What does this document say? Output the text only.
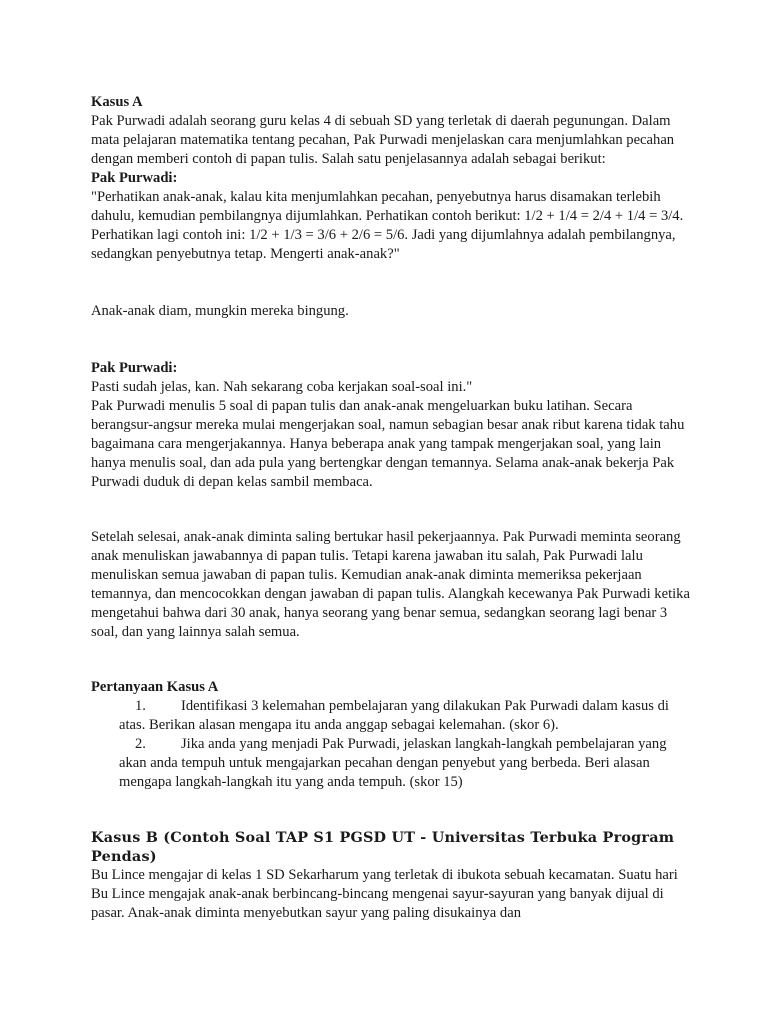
Kasus A

Pak Purwadi adalah seorang guru kelas 4 di sebuah SD yang terletak di daerah pegunungan. Dalam mata pelajaran matematika tentang pecahan, Pak Purwadi menjelaskan cara menjumlahkan pecahan dengan memberi contoh di papan tulis. Salah satu penjelasannya adalah sebagai berikut:

Pak Purwadi:

"Perhatikan anak-anak, kalau kita menjumlahkan pecahan, penyebutnya harus disamakan terlebih dahulu, kemudian pembilangnya dijumlahkan. Perhatikan contoh berikut: 1/2 + 1/4 = 2/4 + 1/4 = 3/4. Perhatikan lagi contoh ini: 1/2 + 1/3 = 3/6 + 2/6 = 5/6. Jadi yang dijumlahnya adalah pembilangnya, sedangkan penyebutnya tetap. Mengerti anak-anak?"

Anak-anak diam, mungkin mereka bingung.

Pak Purwadi:

Pasti sudah jelas, kan. Nah sekarang coba kerjakan soal-soal ini."

Pak Purwadi menulis 5 soal di papan tulis dan anak-anak mengeluarkan buku latihan. Secara berangsur-angsur mereka mulai mengerjakan soal, namun sebagian besar anak ribut karena tidak tahu bagaimana cara mengerjakannya. Hanya beberapa anak yang tampak mengerjakan soal, yang lain hanya menulis soal, dan ada pula yang bertengkar dengan temannya. Selama anak-anak bekerja Pak Purwadi duduk di depan kelas sambil membaca.

Setelah selesai, anak-anak diminta saling bertukar hasil pekerjaannya. Pak Purwadi meminta seorang anak menuliskan jawabannya di papan tulis. Tetapi karena jawaban itu salah, Pak Purwadi lalu menuliskan semua jawaban di papan tulis. Kemudian anak-anak diminta memeriksa pekerjaan temannya, dan mencocokkan dengan jawaban di papan tulis. Alangkah kecewanya Pak Purwadi ketika mengetahui bahwa dari 30 anak, hanya seorang yang benar semua, sedangkan seorang lagi benar 3 soal, dan yang lainnya salah semua.

Pertanyaan Kasus A

1.	Identifikasi 3 kelemahan pembelajaran yang dilakukan Pak Purwadi dalam kasus di atas. Berikan alasan mengapa itu anda anggap sebagai kelemahan. (skor 6).
2.	Jika anda yang menjadi Pak Purwadi, jelaskan langkah-langkah pembelajaran yang akan anda tempuh untuk mengajarkan pecahan dengan penyebut yang berbeda. Beri alasan mengapa langkah-langkah itu yang anda tempuh. (skor 15)

Kasus B (Contoh Soal TAP S1 PGSD UT - Universitas Terbuka Program Pendas)

Bu Lince mengajar di kelas 1 SD Sekarharum yang terletak di ibukota sebuah kecamatan. Suatu hari Bu Lince mengajak anak-anak berbincang-bincang mengenai sayur-sayuran yang banyak dijual di pasar. Anak-anak diminta menyebutkan sayur yang paling disukainya dan
